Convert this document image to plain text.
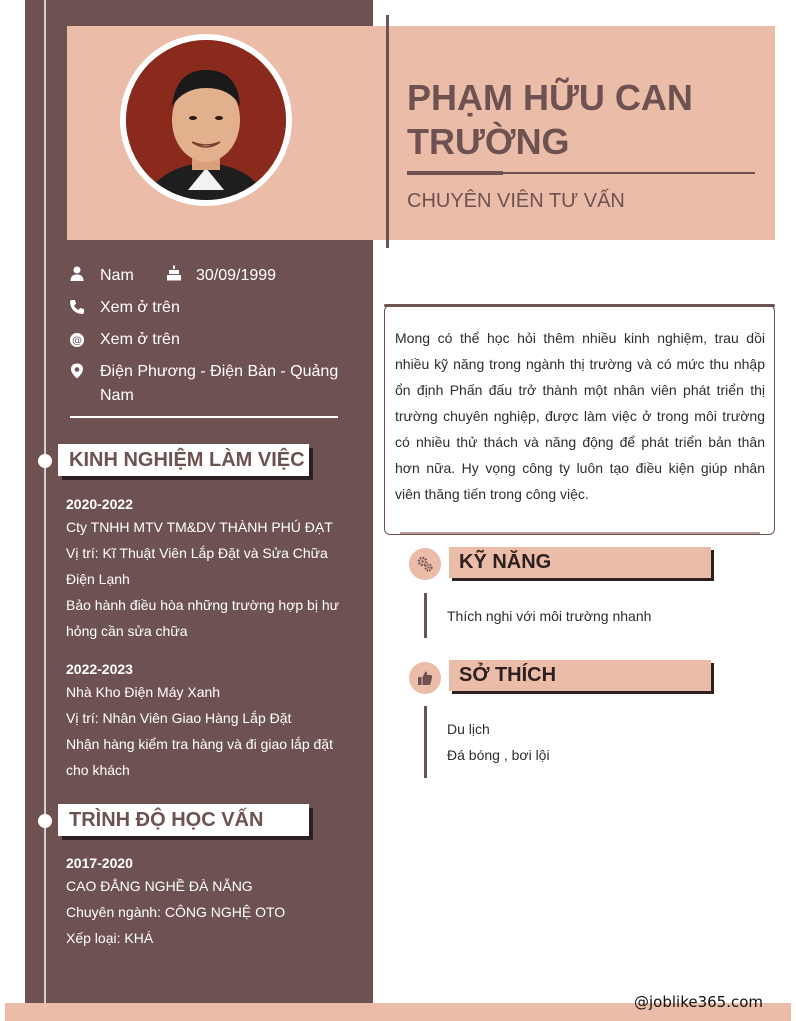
PHẠM HỮU CAN TRƯỜNG
CHUYÊN VIÊN TƯ VẤN
Nam	30/09/1999
Xem ở trên
@ Xem ở trên
Điện Phương - Điện Bàn - Quảng Nam
KINH NGHIỆM LÀM VIỆC
2020-2022
Cty TNHH MTV TM&DV THÀNH PHÚ ĐẠT
Vị trí: Kĩ Thuật Viên Lắp Đặt và Sửa Chữa Điện Lạnh
Bảo hành điều hòa những trường hợp bị hư hỏng cần sửa chữa
2022-2023
Nhà Kho Điện Máy Xanh
Vị trí: Nhân Viên Giao Hàng Lắp Đặt
Nhận hàng kiểm tra hàng và đi giao lắp đặt cho khách
TRÌNH ĐỘ HỌC VẤN
2017-2020
CAO ĐẲNG NGHỀ ĐÀ NẴNG
Chuyên ngành: CÔNG NGHỆ OTO
Xếp loại: KHÁ

Mong có thể học hỏi thêm nhiều kinh nghiệm, trau dồi nhiều kỹ năng trong ngành thị trường và có mức thu nhập ổn định Phấn đấu trở thành một nhân viên phát triển thị trường chuyên nghiệp, được làm việc ở trong môi trường có nhiều thử thách và năng động để phát triển bản thân hơn nữa. Hy vọng công ty luôn tạo điều kiện giúp nhân viên thăng tiến trong công việc.

KỸ NĂNG
Thích nghi với môi trường nhanh
SỞ THÍCH
Du lịch
Đá bóng , bơi lội
@joblike365.com
